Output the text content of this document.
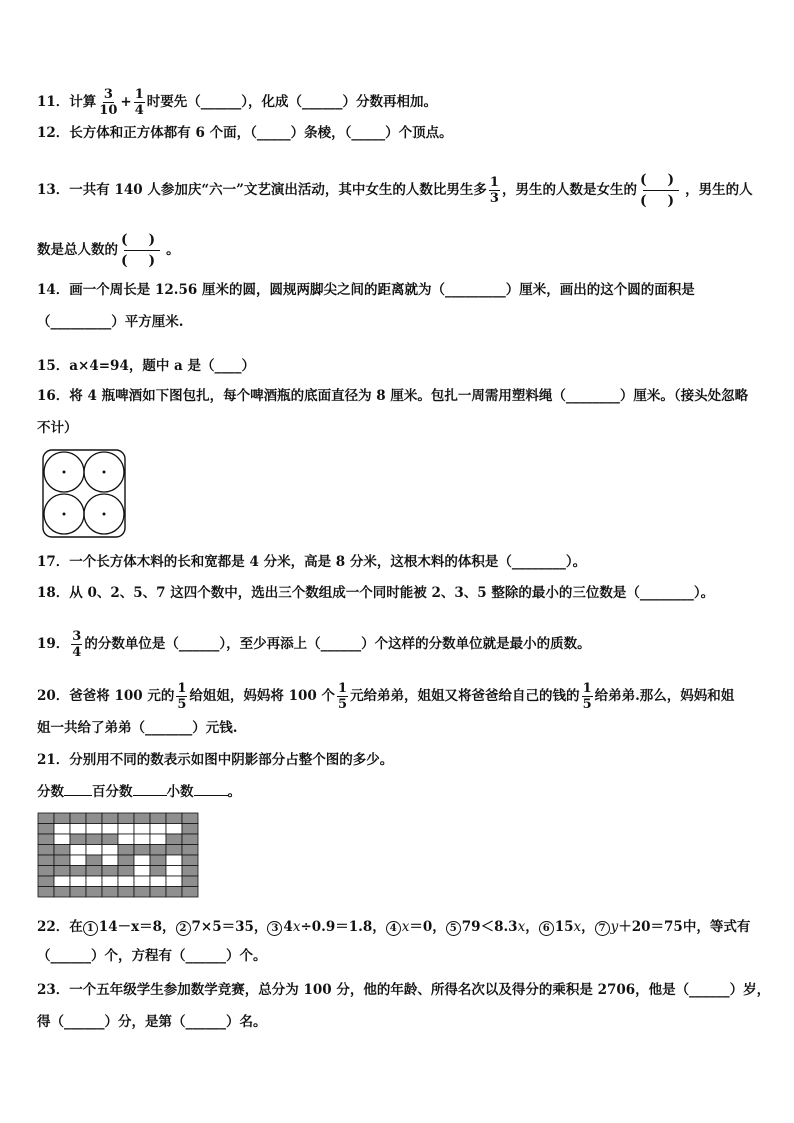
11．计算 $\frac{3}{10} + \frac{1}{4}$ 时要先（______），化成（______）分数再相加。
12．长方体和正方体都有 6 个面，（_____）条棱，（_____）个顶点。
13．一共有 140 人参加庆“六一”文艺演出活动，其中女生的人数比男生多 $\frac{1}{3}$ ，男生的人数是女生的
( )
( )
，男生的人
数是总人数的
( )
( )
。
14．画一个周长是 12.56 厘米的圆，圆规两脚尖之间的距离就为（_________）厘米，画出的这个圆的面积是
（_________）平方厘米.
15．a×4=94，题中 a 是（____）
16．将 4 瓶啤酒如下图包扎，每个啤酒瓶的底面直径为 8 厘米。包扎一周需用塑料绳（________）厘米。（接头处忽略
不计）
17．一个长方体木料的长和宽都是 4 分米，高是 8 分米，这根木料的体积是（________）。
18．从 0、2、5、7 这四个数中，选出三个数组成一个同时能被 2、3、5 整除的最小的三位数是（________）。
19． $\frac{3}{4}$ 的分数单位是（______），至少再添上（______）个这样的分数单位就是最小的质数。
20．爸爸将 100 元的 $\frac{1}{5}$ 给姐姐，妈妈将 100 个 $\frac{1}{5}$ 元给弟弟，姐姐又将爸爸给自己的钱的 $\frac{1}{5}$ 给弟弟.那么，妈妈和姐
姐一共给了弟弟（_______）元钱.
21．分别用不同的数表示如图中阴影部分占整个图的多少。
分数 百分数	小数	。
22．在 1 14－x＝8， 2 7×5＝35， 3 4x÷0.9＝1.8， 4 x＝0， 5 79＜8.3x， 6 15x， 7 y＋20＝75中，等式有
（______）个，方程有（______）个。
23．一个五年级学生参加数学竞赛，总分为 100 分，他的年龄、所得名次以及得分的乘积是 2706，他是（______）岁，
得（______）分，是第（______）名。
